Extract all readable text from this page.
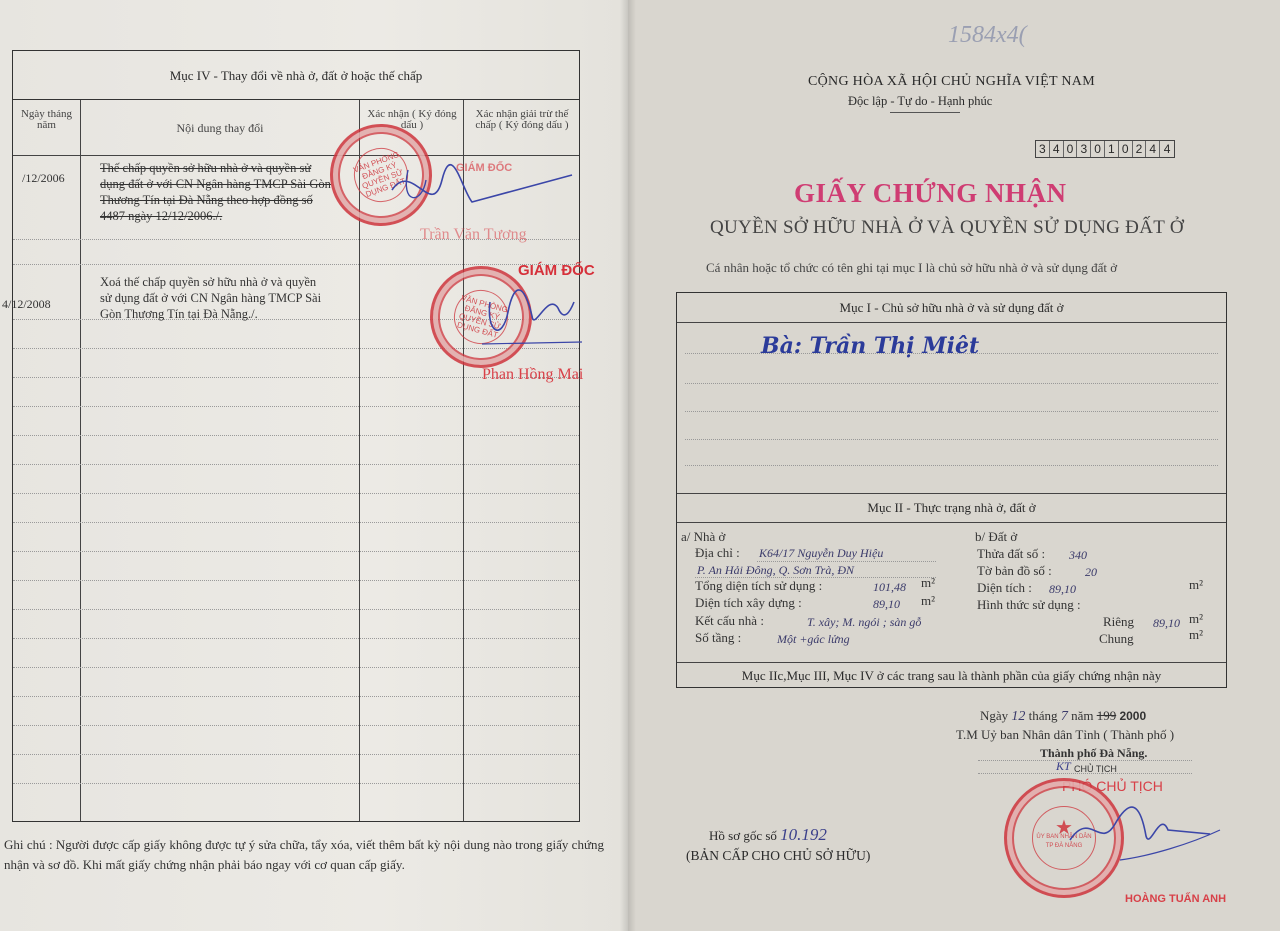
Mục IV - Thay đổi về nhà ở, đất ở hoặc thế chấp
Ngày tháng năm	Nội dung thay đổi
Xác nhận ( Ký đóng dấu )
Xác nhận giải trừ thế chấp ( Ký đóng dấu )
/12/2006
Thế chấp quyền sở hữu nhà ở và quyền sử
dụng đất ở với CN Ngân hàng TMCP Sài Gòn
Thương Tín tại Đà Nẵng theo hợp đồng số
4487 ngày 12/12/2006./.
VĂN PHÒNG ĐĂNG KÝ QUYỀN SỬ DỤNG ĐẤT
GIÁM ĐỐC
Trần Văn Tương
4/12/2008
Xoá thế chấp quyền sở hữu nhà ở và quyền
sử dụng đất ở với CN Ngân hàng TMCP Sài
Gòn Thương Tín tại Đà Nẵng./.
GIÁM ĐỐC
VĂN PHÒNG ĐĂNG KÝ QUYỀN SỬ DỤNG ĐẤT
Phan Hồng Mai
Ghi chú : Người được cấp giấy không được tự ý sửa chữa, tẩy xóa, viết thêm bất kỳ nội dung nào trong giấy chứng nhận và sơ đồ. Khi mất giấy chứng nhận phải báo ngay với cơ quan cấp giấy.
1584x4(
CỘNG HÒA XÃ HỘI CHỦ NGHĨA VIỆT NAM
Độc lập - Tự do - Hạnh phúc
3 4 0 3 0 1 0 2 4 4
GIẤY CHỨNG NHẬN
QUYỀN SỞ HỮU NHÀ Ở VÀ QUYỀN SỬ DỤNG ĐẤT Ở
Cá nhân hoặc tổ chức có tên ghi tại mục I là chủ sở hữu nhà ở và sử dụng đất ở
Mục I - Chủ sở hữu nhà ở và sử dụng đất ở
Bà: Trần Thị Miêt
Mục II - Thực trạng nhà ở, đất ở
a/ Nhà ở
Địa chỉ : K64/17 Nguyễn Duy Hiệu
P. An Hải Đông, Q. Sơn Trà, ĐN
Tổng diện tích sử dụng :	101,48 m²
Diện tích xây dựng :	89,10 m²
Kết cấu nhà :	T. xây; M. ngói ; sàn gỗ
Số tầng :	Một +gác lửng
b/ Đất ở
Thửa đất số : 340
Tờ bản đồ số :	20
Diện tích : 89,10	m²
Hình thức sử dụng :
Riêng 89,10 m²
Chung	m²
Mục IIc,Mục III, Mục IV ở các trang sau là thành phần của giấy chứng nhận này
Ngày 12 tháng 7 năm 199 2000
T.M Uỷ ban Nhân dân Tỉnh ( Thành phố )
Thành phố Đà Nẵng.
KT CHỦ TỊCH
PHÓ CHỦ TỊCH
★
ỦY BAN NHÂN DÂN TP ĐÀ NẴNG
HOÀNG TUẤN ANH
Hồ sơ gốc số 10.192
(BẢN CẤP CHO CHỦ SỞ HỮU)
